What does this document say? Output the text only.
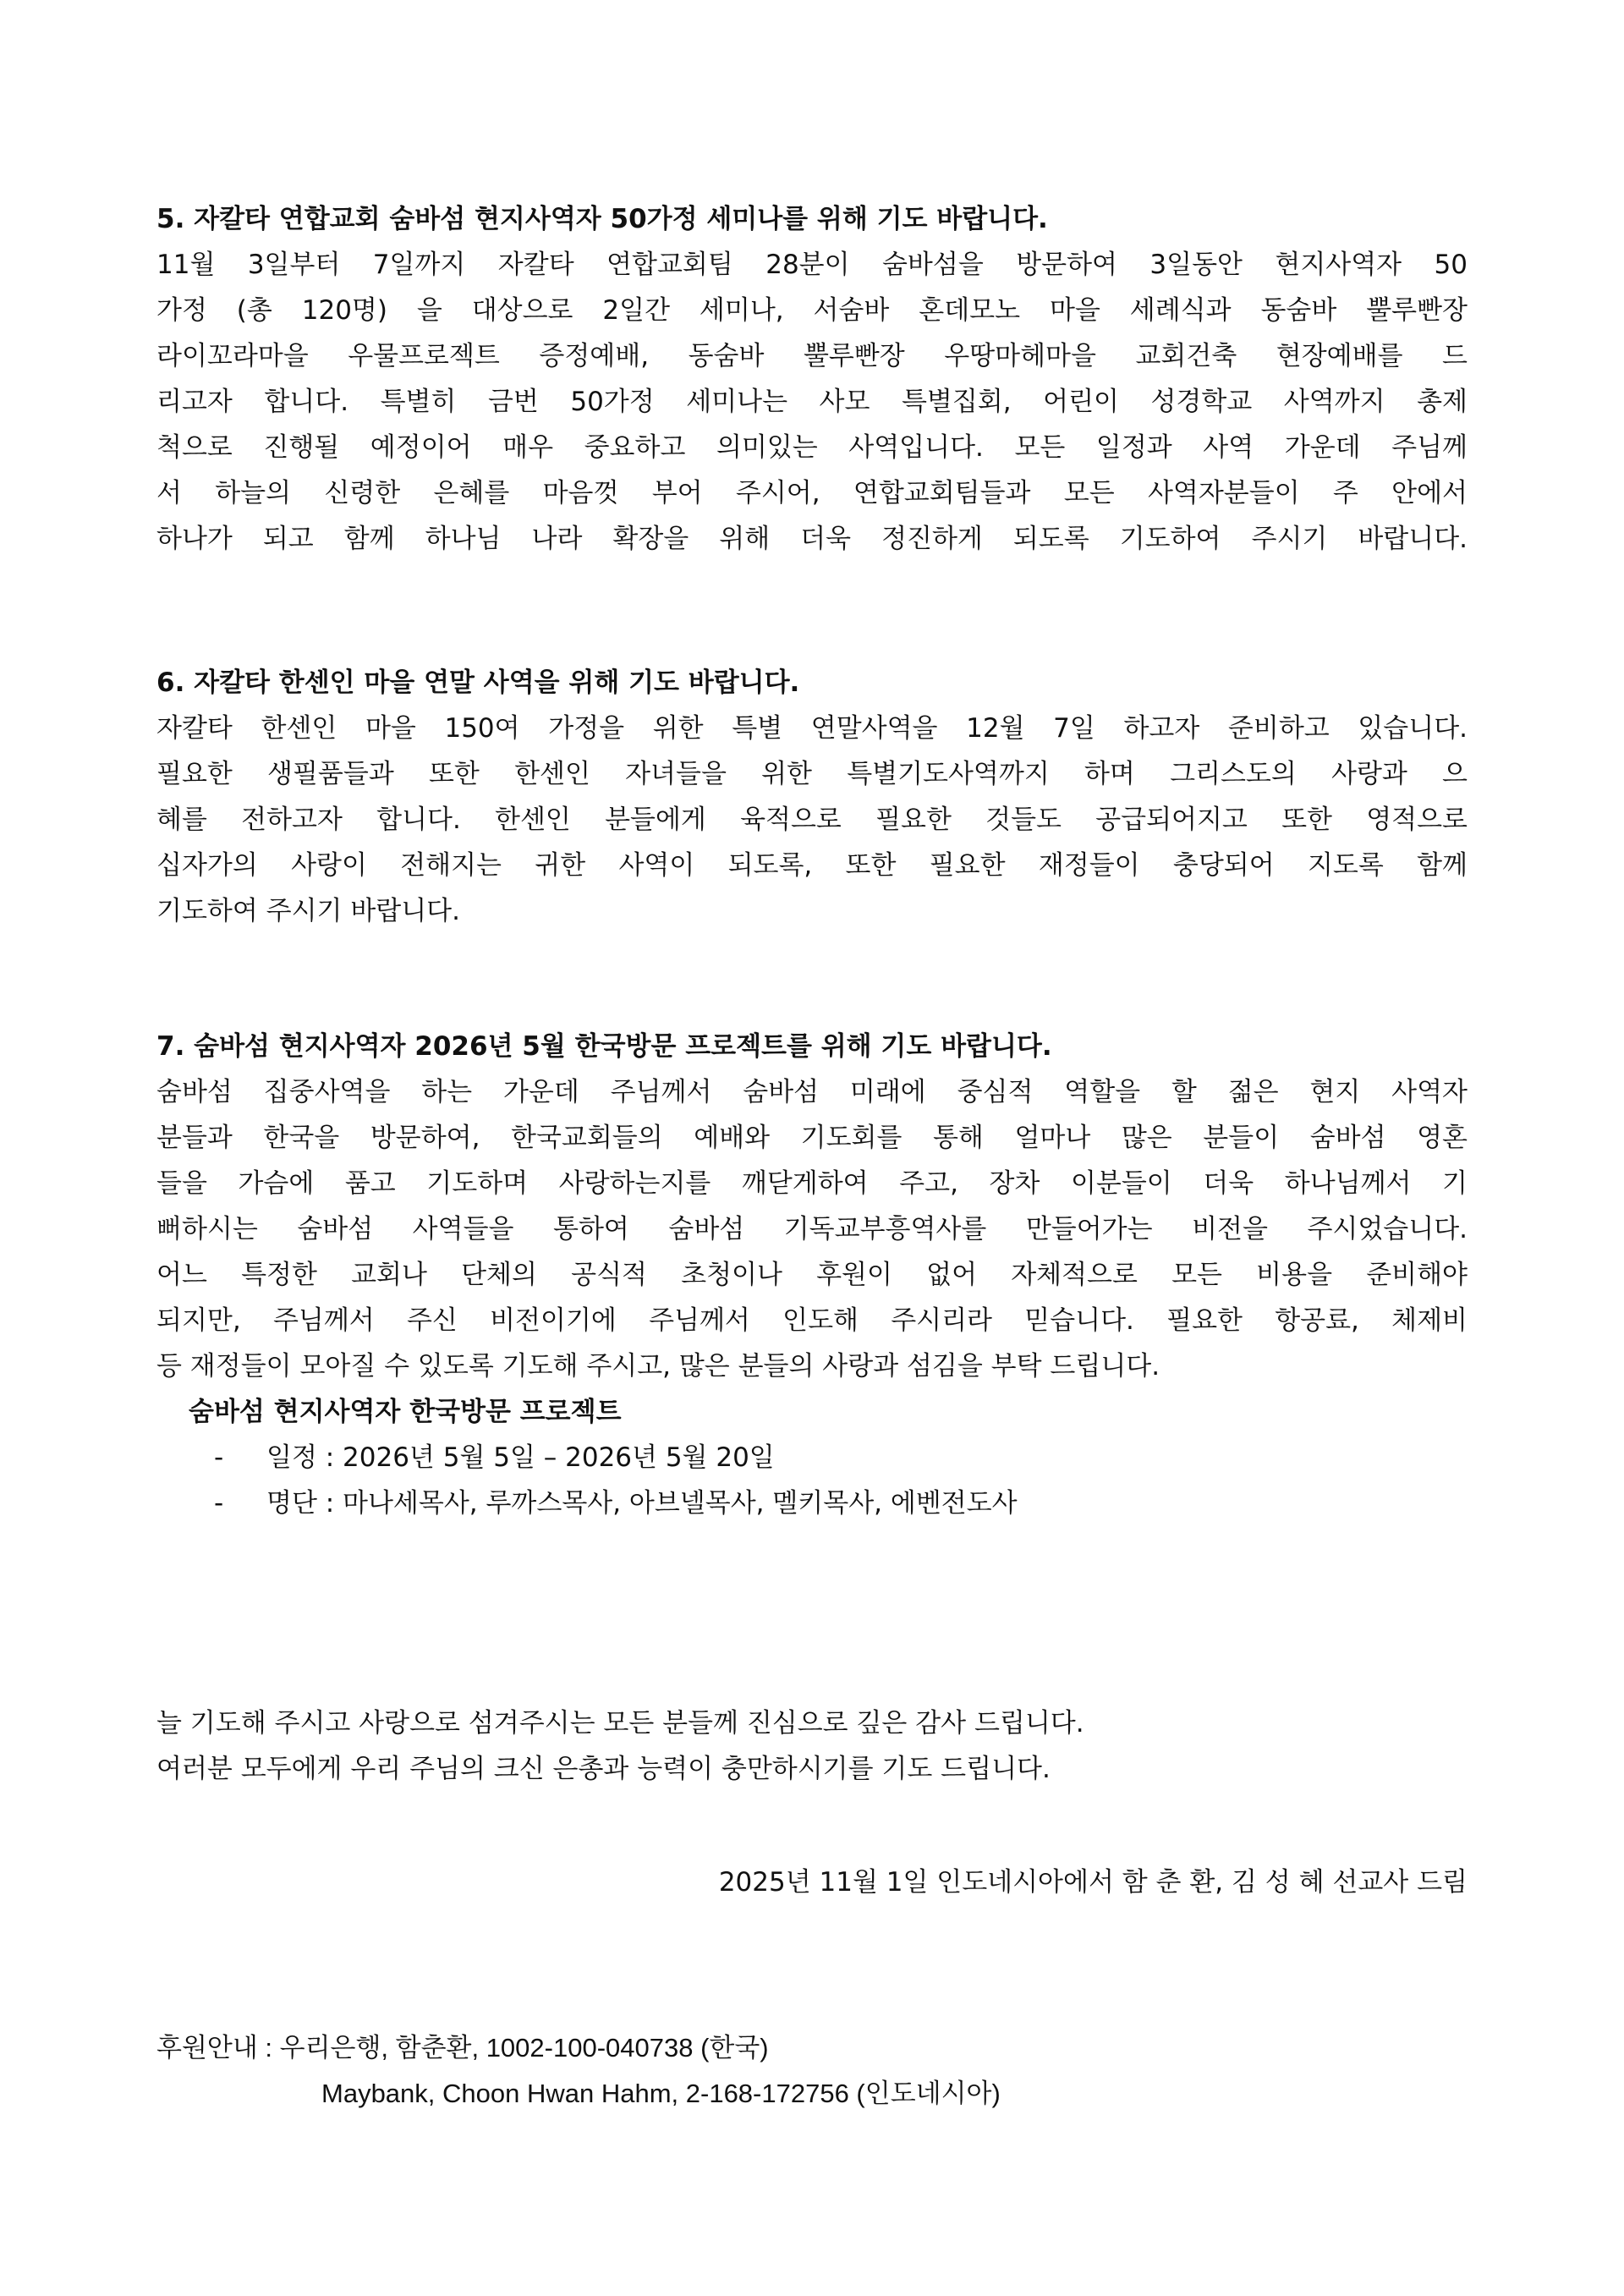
5. 자칼타 연합교회 숨바섬 현지사역자 50가정 세미나를 위해 기도 바랍니다.
11월 3일부터 7일까지 자칼타 연합교회팀 28분이 숨바섬을 방문하여 3일동안 현지사역자 50
가정 (총 120명) 을 대상으로 2일간 세미나, 서숨바 혼데모노 마을 세례식과 동숨바 뿔루빤장
라이꼬라마을 우물프로젝트 증정예배, 동숨바 뿔루빤장 우땅마헤마을 교회건축 현장예배를 드
리고자 합니다. 특별히 금번 50가정 세미나는 사모 특별집회, 어린이 성경학교 사역까지 총제
척으로 진행될 예정이어 매우 중요하고 의미있는 사역입니다. 모든 일정과 사역 가운데 주님께
서 하늘의 신령한 은혜를 마음껏 부어 주시어, 연합교회팀들과 모든 사역자분들이 주 안에서
하나가 되고 함께 하나님 나라 확장을 위해 더욱 정진하게 되도록 기도하여 주시기 바랍니다.
6. 자칼타 한센인 마을 연말 사역을 위해 기도 바랍니다.
자칼타 한센인 마을 150여 가정을 위한 특별 연말사역을 12월 7일 하고자 준비하고 있습니다.
필요한 생필품들과 또한 한센인 자녀들을 위한 특별기도사역까지 하며 그리스도의 사랑과 으
혜를 전하고자 합니다. 한센인 분들에게 육적으로 필요한 것들도 공급되어지고 또한 영적으로
십자가의 사랑이 전해지는 귀한 사역이 되도록, 또한 필요한 재정들이 충당되어 지도록 함께
기도하여 주시기 바랍니다.
7. 숨바섬 현지사역자 2026년 5월 한국방문 프로젝트를 위해 기도 바랍니다.
숨바섬 집중사역을 하는 가운데 주님께서 숨바섬 미래에 중심적 역할을 할 젊은 현지 사역자
분들과 한국을 방문하여, 한국교회들의 예배와 기도회를 통해 얼마나 많은 분들이 숨바섬 영혼
들을 가슴에 품고 기도하며 사랑하는지를 깨닫게하여 주고, 장차 이분들이 더욱 하나님께서 기
뻐하시는 숨바섬 사역들을 통하여 숨바섬 기독교부흥역사를 만들어가는 비전을 주시었습니다.
어느 특정한 교회나 단체의 공식적 초청이나 후원이 없어 자체적으로 모든 비용을 준비해야
되지만, 주님께서 주신 비전이기에 주님께서 인도해 주시리라 믿습니다. 필요한 항공료, 체제비
등 재정들이 모아질 수 있도록 기도해 주시고, 많은 분들의 사랑과 섬김을 부탁 드립니다.
숨바섬 현지사역자 한국방문 프로젝트
- 일정 : 2026년 5월 5일 – 2026년 5월 20일
- 명단 : 마나세목사, 루까스목사, 아브넬목사, 멜키목사, 에벤전도사
늘 기도해 주시고 사랑으로 섬겨주시는 모든 분들께 진심으로 깊은 감사 드립니다.
여러분 모두에게 우리 주님의 크신 은총과 능력이 충만하시기를 기도 드립니다.
2025년 11월 1일 인도네시아에서 함 춘 환, 김 성 혜 선교사 드림
후원안내 : 우리은행, 함춘환, 1002-100-040738 (한국)
Maybank, Choon Hwan Hahm, 2-168-172756 (인도네시아)
